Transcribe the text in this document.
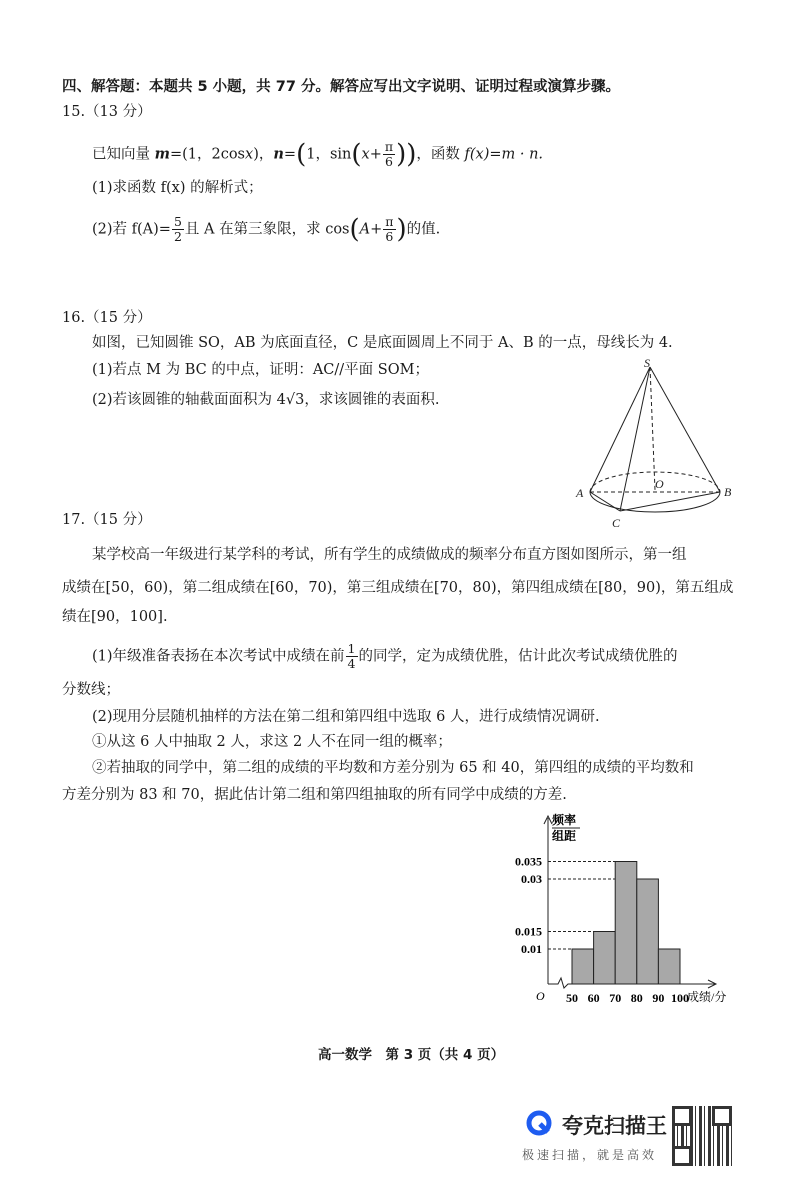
四、解答题：本题共 5 小题，共 77 分。解答应写出文字说明、证明过程或演算步骤。
15.（13 分）
已知向量 m=(1，2cosx)，n=(1，$\sin(x+ \frac{\pi}{6}$ ))，函数 f(x)=m · n.
(1)求函数 f(x) 的解析式；
(2)若 $f(A)= \frac{5}{2}$ 且 A 在第三象限，求 $\cos(A+ \frac{\pi}{6}$ )的值.
16.（15 分）
如图，已知圆锥 SO，AB 为底面直径，C 是底面圆周上不同于 A、B 的一点，母线长为 4.
(1)若点 M 为 BC 的中点，证明：AC//平面 SOM；
(2)若该圆锥的轴截面面积为 4√3，求该圆锥的表面积.
S
O
A	B
C
17.（15 分）
某学校高一年级进行某学科的考试，所有学生的成绩做成的频率分布直方图如图所示，第一组
成绩在[50，60)，第二组成绩在[60，70)，第三组成绩在[70，80)，第四组成绩在[80，90)，第五组成
绩在[90，100].
(1)年级准备表扬在本次考试中成绩在前 $\frac{1}{4}$ 的同学，定为成绩优胜，估计此次考试成绩优胜的
分数线；
(2)现用分层随机抽样的方法在第二组和第四组中选取 6 人，进行成绩情况调研.
①从这 6 人中抽取 2 人，求这 2 人不在同一组的概率；
②若抽取的同学中，第二组的成绩的平均数和方差分别为 65 和 40，第四组的成绩的平均数和
方差分别为 83 和 70，据此估计第二组和第四组抽取的所有同学中成绩的方差.
频率
组距
O	成绩/分
0.01
0.015
0.03
0.035
50 60 70 80 90 100
高一数学　第 3 页（共 4 页）
夸克扫描王
极速扫描，就是高效
